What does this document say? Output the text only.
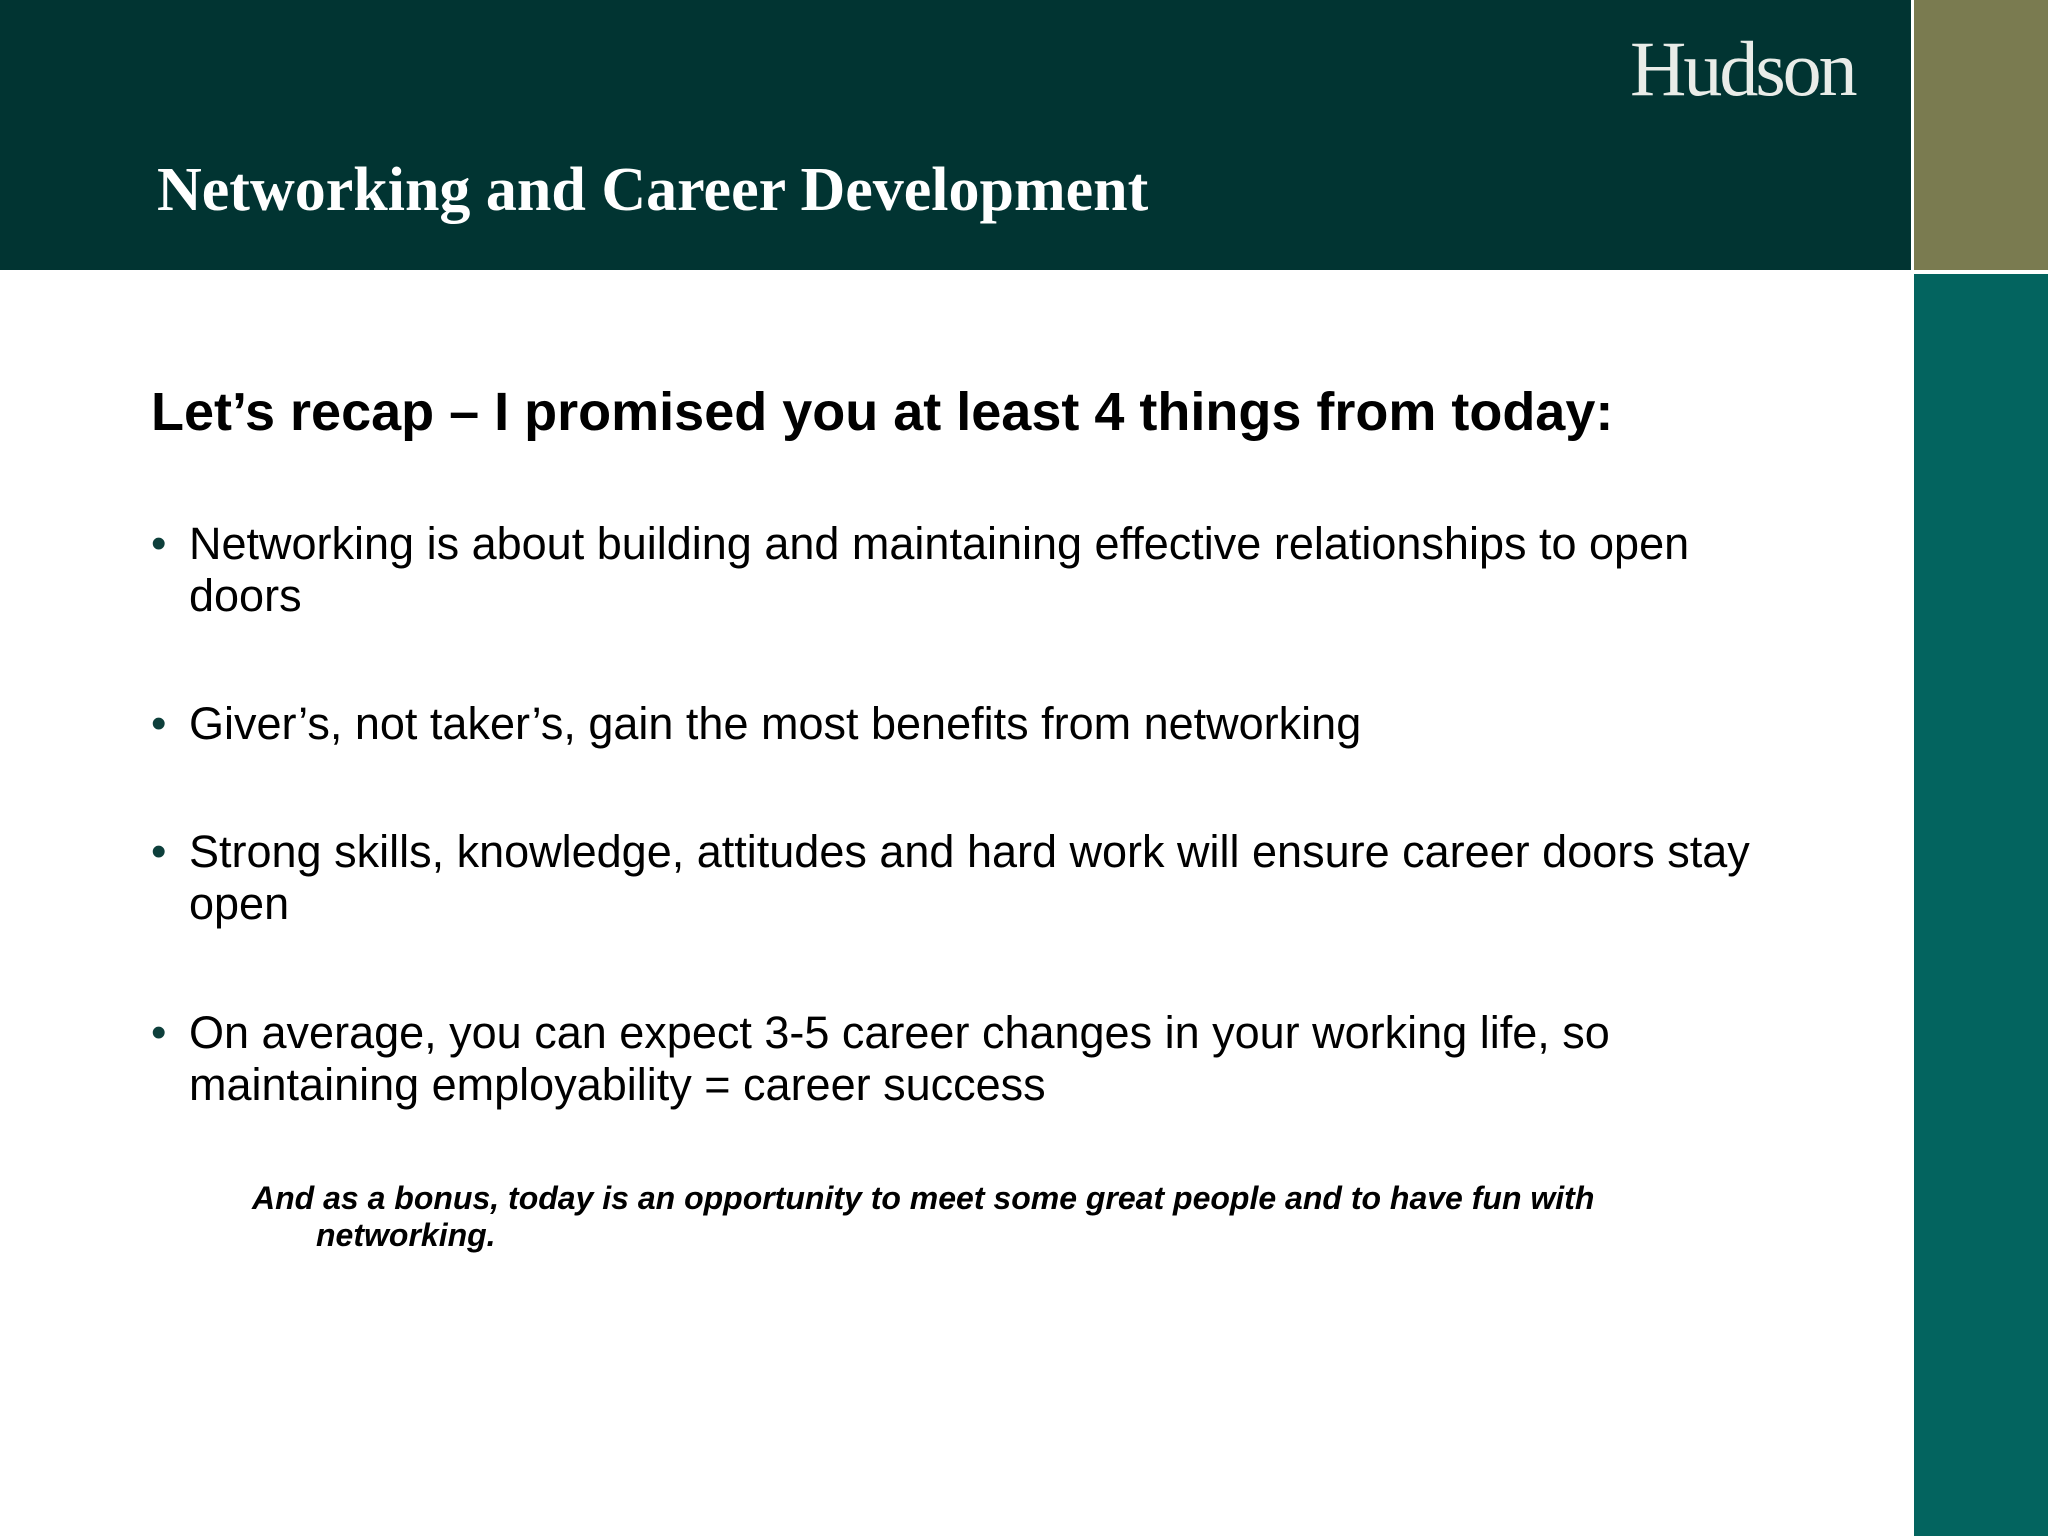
Hudson
Networking and Career Development

Let’s recap – I promised you at least 4 things from today:

• Networking is about building and maintaining effective relationships to open doors
• Giver’s, not taker’s, gain the most benefits from networking
• Strong skills, knowledge, attitudes and hard work will ensure career doors stay open
• On average, you can expect 3-5 career changes in your working life, so maintaining employability = career success

And as a bonus, today is an opportunity to meet some great people and to have fun with networking.
